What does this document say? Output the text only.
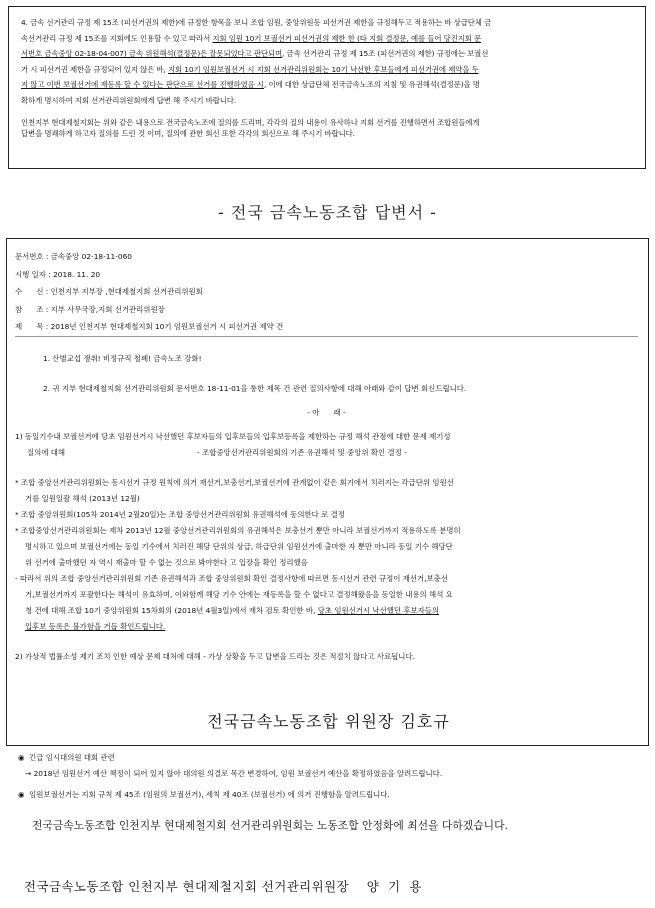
4. 금속 선거관리 규정 제 15조 (피선거권의 제한)에 규정한 항목을 보니 조합 임원, 중앙위원등 피선거권 제한을 규정해두고 적용하는 바 상급단체 금

속선거관리 규정 제 15조를 지회에도 인용할 수 있고 따라서 지회 임원 10기 보궐선거 피선거권의 제한 한 (타 지회 결정문, 예를 들어 당진지회 문

서번호 금속중앙 02-18-04-007) 금속 위원해석(결정문)은 잘못되었다고 판단되며, 금속 선거관리 규정 제 15조 (피선거권의 제한) 규정에는 보궐선

거 시 피선거권 제한을 규정되어 있지 않은 바, 지회 10기 임원보궐선거 시 지회 선거관리위원회는 10기 낙선한 후보들에게 피선거권에 제약을 두

지 않고 이번 보궐선거에 재등록 할 수 있다는 판단으로 선거를 진행하였음 시, 이에 대한 상급단체 전국금속노조의 지침 및 유권해석(결정문)을 명

확하게 명시하여 지회 선거관리위원회에게 답변 해 주시기 바랍니다.

인천지부 현대제철지회는 위와 같은 내용으로 전국금속노조에 질의를 드리며, 각각의 질의 내용이 유사하나 지회 선거를 진행하면서 조합원들에게

답변을 명쾌하게 하고자 질의를 드린 것 이며, 질의에 관한 회신 또한 각각의 회신으로 해 주시기 바랍니다.

- 전국 금속노동조합 답변서 -

문서번호 : 금속중앙 02-18-11-060

시행 일자 : 2018. 11. 20

수      신 : 인천지부 지부장 ,현대제철지회 선거관리위원회

참      조 : 지부 사무국장,지회 선거관리위원장

제      목 : 2018년 인천지부 현대제철지회 10기 임원보궐선거 시 피선거권 제약 건

1. 산별교섭 쟁취! 비정규직 철폐! 금속노조 강화!

2. 귀 지부 현대제철지회 선거관리위원회 문서번호 18-11-01을 통한 제목 건 관련 질의사항에 대해 아래와 같이 답변 회신드립니다.

- 아      래 -

1) 동일기수내 보궐선거에 당초 임원선거시 낙선했던 후보자들의 입후보들의 입후보등록을 제한하는 규정 해석 관점에 대한 문제 제기성

질의에 대해	- 조합중앙선거관리위원회의 기존 유권해석 및 중앙위 확인 결정 -

* 조합 중앙선거관리위원회는 동시선거 규정 원칙에 의거 재선거,보충선거,보궐선거에 관계없이 같은 회기에서 치러지는 각급단위 임원선

거를 일원일괄 해석 (2013년 12월)

* 조합 중앙위원회(105차 2014년 2월20일)는 조합 중앙선거관리위원회 유권해석에 동의한다 로 결정

* 조합중앙선거관리위원회는 재차 2013년 12월 중앙선거관리위원회의 유권해석은 보충선거 뿐만 아니라 보궐선거까지 적용하도록 분명히

명시하고 있으며 보궐선거에는 동일 기수에서 치러진 해당 단위의 상급, 하급단위 임원선거에 출마한 자 뿐만 아니라 동일 기수 해당단

위 선거에 출마했던 자 역시 재출마 할 수 없는 것으로 봐야한다 고 입장을 확인 정리했음

- 따라서 위의 조합 중앙선거관리위원회 기존 유권해석과 조합 중앙위원회 확인 결정사항에 따르면 동시선거 관련 규정이 재선거,보충선

거,보궐선거까지 포괄한다는 해석이 유효하며, 이와함께 해당 기수 안에는 재등록을 할 수 없다고 결정해왔음을 동일한 내용의 해석 요

청 건에 대해 조합 10기 중앙위원회 15차회의 (2018년 4월3일)에서 재차 검토 확인한 바, 당초 임원선거시 낙선했던 후보자들의

입후보 등록은 불가함을 거듭 확인드립니다.

2) 가상적 법률소성 제기 조치 인한 예상 문제 대처에 대해 - 가상 상황을 두고 답변을 드리는 것은 적절치 않다고 사료됩니다.

전국금속노동조합 위원장 김호규

◉  긴급 임시대의원 대회 관련

→ 2018년 임원선거 예산 책정이 되어 있지 않아 대의원 의결로 목간 변경하여, 임원 보궐선거 예산을 확정하였음을 알려드립니다.

◉  임원보궐선거는 지회 규칙 제 45조 (임원의 보궐선거), 세칙 제 40조 (보궐선거) 에 의거 진행함을 알려드립니다.

전국금속노동조합 인천지부 현대제철지회 선거관리위원회는 노동조합 안정화에 최선을 다하겠습니다.
전국금속노동조합 인천지부 현대제철지회 선거관리위원장    양  기  용
